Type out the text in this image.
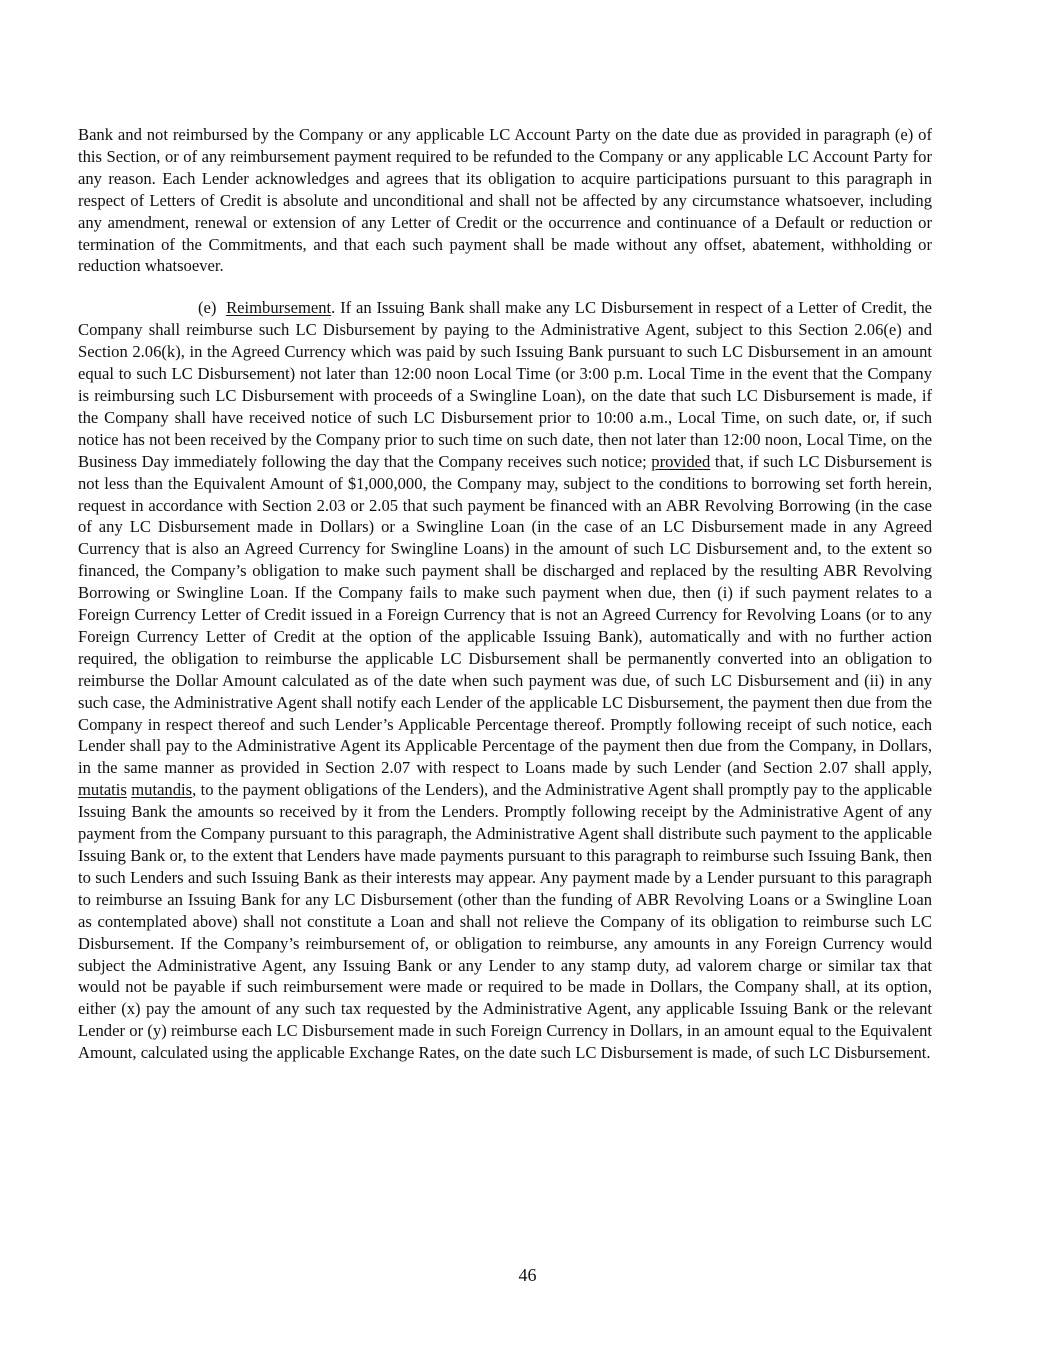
Bank and not reimbursed by the Company or any applicable LC Account Party on the date due as provided in paragraph (e) of this Section, or of any reimbursement payment required to be refunded to the Company or any applicable LC Account Party for any reason. Each Lender acknowledges and agrees that its obligation to acquire participations pursuant to this paragraph in respect of Letters of Credit is absolute and unconditional and shall not be affected by any circumstance whatsoever, including any amendment, renewal or extension of any Letter of Credit or the occurrence and continuance of a Default or reduction or termination of the Commitments, and that each such payment shall be made without any offset, abatement, withholding or reduction whatsoever.

(e) Reimbursement. If an Issuing Bank shall make any LC Disbursement in respect of a Letter of Credit, the Company shall reimburse such LC Disbursement by paying to the Administrative Agent, subject to this Section 2.06(e) and Section 2.06(k), in the Agreed Currency which was paid by such Issuing Bank pursuant to such LC Disbursement in an amount equal to such LC Disbursement) not later than 12:00 noon Local Time (or 3:00 p.m. Local Time in the event that the Company is reimbursing such LC Disbursement with proceeds of a Swingline Loan), on the date that such LC Disbursement is made, if the Company shall have received notice of such LC Disbursement prior to 10:00 a.m., Local Time, on such date, or, if such notice has not been received by the Company prior to such time on such date, then not later than 12:00 noon, Local Time, on the Business Day immediately following the day that the Company receives such notice; provided that, if such LC Disbursement is not less than the Equivalent Amount of $1,000,000, the Company may, subject to the conditions to borrowing set forth herein, request in accordance with Section 2.03 or 2.05 that such payment be financed with an ABR Revolving Borrowing (in the case of any LC Disbursement made in Dollars) or a Swingline Loan (in the case of an LC Disbursement made in any Agreed Currency that is also an Agreed Currency for Swingline Loans) in the amount of such LC Disbursement and, to the extent so financed, the Company’s obligation to make such payment shall be discharged and replaced by the resulting ABR Revolving Borrowing or Swingline Loan. If the Company fails to make such payment when due, then (i) if such payment relates to a Foreign Currency Letter of Credit issued in a Foreign Currency that is not an Agreed Currency for Revolving Loans (or to any Foreign Currency Letter of Credit at the option of the applicable Issuing Bank), automatically and with no further action required, the obligation to reimburse the applicable LC Disbursement shall be permanently converted into an obligation to reimburse the Dollar Amount calculated as of the date when such payment was due, of such LC Disbursement and (ii) in any such case, the Administrative Agent shall notify each Lender of the applicable LC Disbursement, the payment then due from the Company in respect thereof and such Lender’s Applicable Percentage thereof. Promptly following receipt of such notice, each Lender shall pay to the Administrative Agent its Applicable Percentage of the payment then due from the Company, in Dollars, in the same manner as provided in Section 2.07 with respect to Loans made by such Lender (and Section 2.07 shall apply, mutatis mutandis, to the payment obligations of the Lenders), and the Administrative Agent shall promptly pay to the applicable Issuing Bank the amounts so received by it from the Lenders. Promptly following receipt by the Administrative Agent of any payment from the Company pursuant to this paragraph, the Administrative Agent shall distribute such payment to the applicable Issuing Bank or, to the extent that Lenders have made payments pursuant to this paragraph to reimburse such Issuing Bank, then to such Lenders and such Issuing Bank as their interests may appear. Any payment made by a Lender pursuant to this paragraph to reimburse an Issuing Bank for any LC Disbursement (other than the funding of ABR Revolving Loans or a Swingline Loan as contemplated above) shall not constitute a Loan and shall not relieve the Company of its obligation to reimburse such LC Disbursement. If the Company’s reimbursement of, or obligation to reimburse, any amounts in any Foreign Currency would subject the Administrative Agent, any Issuing Bank or any Lender to any stamp duty, ad valorem charge or similar tax that would not be payable if such reimbursement were made or required to be made in Dollars, the Company shall, at its option, either (x) pay the amount of any such tax requested by the Administrative Agent, any applicable Issuing Bank or the relevant Lender or (y) reimburse each LC Disbursement made in such Foreign Currency in Dollars, in an amount equal to the Equivalent Amount, calculated using the applicable Exchange Rates, on the date such LC Disbursement is made, of such LC Disbursement.

46
